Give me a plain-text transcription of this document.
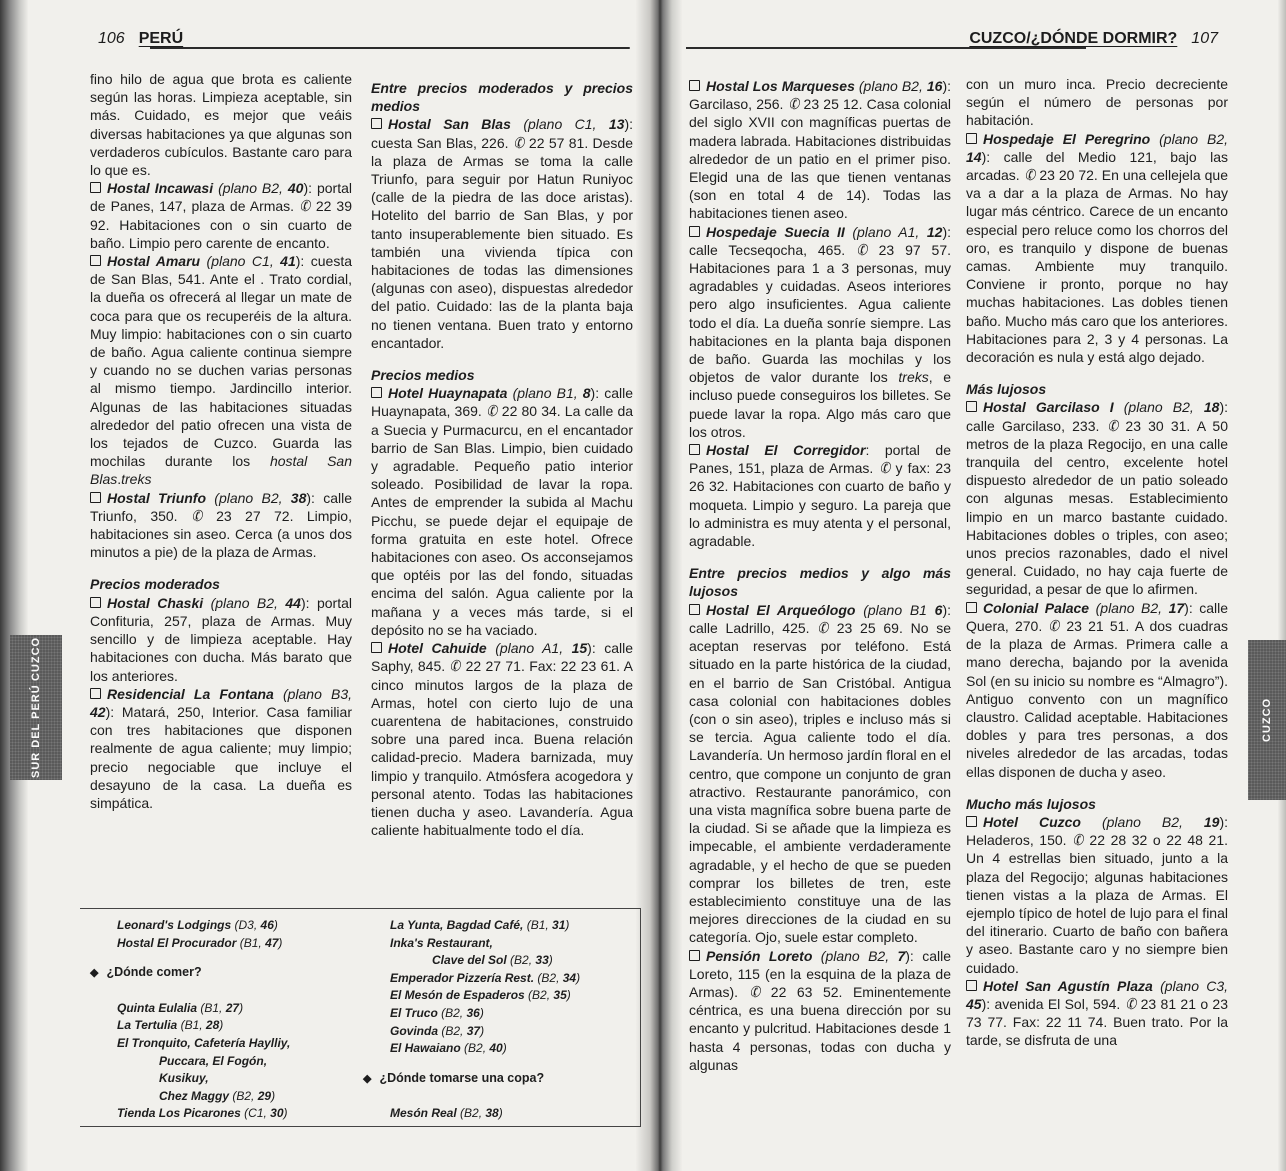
106 PERÚ	CUZCO/¿DÓNDE DORMIR? 107
SUR DEL PERÚ
CUZCO
CUZCO

fino hilo de agua que brota es caliente según las horas. Limpieza aceptable, sin más. Cuidado, es mejor que veáis diversas habitaciones ya que algunas son verdaderos cubículos. Bastante caro para lo que es.

Hostal Incawasi (plano B2, 40): portal de Panes, 147, plaza de Armas. ✆ 22 39 92. Habitaciones con o sin cuarto de baño. Limpio pero carente de encanto.

Hostal Amaru (plano C1, 41): cuesta de San Blas, 541. Ante el . Trato cordial, la dueña os ofrecerá al llegar un mate de coca para que os recuperéis de la altura. Muy limpio: habitaciones con o sin cuarto de baño. Agua caliente continua siempre y cuando no se duchen varias personas al mismo tiempo. Jardincillo interior. Algunas de las habitaciones situadas alrededor del patio ofrecen una vista de los tejados de Cuzco. Guarda las mochilas durante los hostal San Blas.treks

Hostal Triunfo (plano B2, 38): calle Triunfo, 350. ✆ 23 27 72. Limpio, habitaciones sin aseo. Cerca (a unos dos minutos a pie) de la plaza de Armas.

Precios moderados

Hostal Chaski (plano B2, 44): portal Confituria, 257, plaza de Armas. Muy sencillo y de limpieza aceptable. Hay habitaciones con ducha. Más barato que los anteriores.

Residencial La Fontana (plano B3, 42): Matará, 250, Interior. Casa familiar con tres habitaciones que disponen realmente de agua caliente; muy limpio; precio negociable que incluye el desayuno de la casa. La dueña es simpática.

Entre precios moderados y precios medios

Hostal San Blas (plano C1, 13): cuesta San Blas, 226. ✆ 22 57 81. Desde la plaza de Armas se toma la calle Triunfo, para seguir por Hatun Runiyoc (calle de la piedra de las doce aristas). Hotelito del barrio de San Blas, y por tanto insuperablemente bien situado. Es también una vivienda típica con habitaciones de todas las dimensiones (algunas con aseo), dispuestas alrededor del patio. Cuidado: las de la planta baja no tienen ventana. Buen trato y entorno encantador.

Precios medios

Hotel Huaynapata (plano B1, 8): calle Huaynapata, 369. ✆ 22 80 34. La calle da a Suecia y Purmacurcu, en el encantador barrio de San Blas. Limpio, bien cuidado y agradable. Pequeño patio interior soleado. Posibilidad de lavar la ropa. Antes de emprender la subida al Machu Picchu, se puede dejar el equipaje de forma gratuita en este hotel. Ofrece habitaciones con aseo. Os acconsejamos que optéis por las del fondo, situadas encima del salón. Agua caliente por la mañana y a veces más tarde, si el depósito no se ha vaciado.

Hotel Cahuide (plano A1, 15): calle Saphy, 845. ✆ 22 27 71. Fax: 22 23 61. A cinco minutos largos de la plaza de Armas, hotel con cierto lujo de una cuarentena de habitaciones, construido sobre una pared inca. Buena relación calidad-precio. Madera barnizada, muy limpio y tranquilo. Atmósfera acogedora y personal atento. Todas las habitaciones tienen ducha y aseo. Lavandería. Agua caliente habitualmente todo el día.

Hostal Los Marqueses (plano B2, 16): Garcilaso, 256. ✆ 23 25 12. Casa colonial del siglo XVII con magníficas puertas de madera labrada. Habitaciones distribuidas alrededor de un patio en el primer piso. Elegid una de las que tienen ventanas (son en total 4 de 14). Todas las habitaciones tienen aseo.

Hospedaje Suecia II (plano A1, 12): calle Tecseqocha, 465. ✆ 23 97 57. Habitaciones para 1 a 3 personas, muy agradables y cuidadas. Aseos interiores pero algo insuficientes. Agua caliente todo el día. La dueña sonríe siempre. Las habitaciones en la planta baja disponen de baño. Guarda las mochilas y los objetos de valor durante los treks, e incluso puede conseguiros los billetes. Se puede lavar la ropa. Algo más caro que los otros.

Hostal El Corregidor: portal de Panes, 151, plaza de Armas. ✆ y fax: 23 26 32. Habitaciones con cuarto de baño y moqueta. Limpio y seguro. La pareja que lo administra es muy atenta y el personal, agradable.

Entre precios medios y algo más lujosos

Hostal El Arqueólogo (plano B1 6): calle Ladrillo, 425. ✆ 23 25 69. No se aceptan reservas por teléfono. Está situado en la parte histórica de la ciudad, en el barrio de San Cristóbal. Antigua casa colonial con habitaciones dobles (con o sin aseo), triples e incluso más si se tercia. Agua caliente todo el día. Lavandería. Un hermoso jardín floral en el centro, que compone un conjunto de gran atractivo. Restaurante panorámico, con una vista magnífica sobre buena parte de la ciudad. Si se añade que la limpieza es impecable, el ambiente verdaderamente agradable, y el hecho de que se pueden comprar los billetes de tren, este establecimiento constituye una de las mejores direcciones de la ciudad en su categoría. Ojo, suele estar completo.

Pensión Loreto (plano B2, 7): calle Loreto, 115 (en la esquina de la plaza de Armas). ✆ 22 63 52. Eminentemente céntrica, es una buena dirección por su encanto y pulcritud. Habitaciones desde 1 hasta 4 personas, todas con ducha y algunas

con un muro inca. Precio decreciente según el número de personas por habitación.

Hospedaje El Peregrino (plano B2, 14): calle del Medio 121, bajo las arcadas. ✆ 23 20 72. En una cellejela que va a dar a la plaza de Armas. No hay lugar más céntrico. Carece de un encanto especial pero reluce como los chorros del oro, es tranquilo y dispone de buenas camas. Ambiente muy tranquilo. Conviene ir pronto, porque no hay muchas habitaciones. Las dobles tienen baño. Mucho más caro que los anteriores. Habitaciones para 2, 3 y 4 personas. La decoración es nula y está algo dejado.

Más lujosos

Hostal Garcilaso I (plano B2, 18): calle Garcilaso, 233. ✆ 23 30 31. A 50 metros de la plaza Regocijo, en una calle tranquila del centro, excelente hotel dispuesto alrededor de un patio soleado con algunas mesas. Establecimiento limpio en un marco bastante cuidado. Habitaciones dobles o triples, con aseo; unos precios razonables, dado el nivel general. Cuidado, no hay caja fuerte de seguridad, a pesar de que lo afirmen.

Colonial Palace (plano B2, 17): calle Quera, 270. ✆ 23 21 51. A dos cuadras de la plaza de Armas. Primera calle a mano derecha, bajando por la avenida Sol (en su inicio su nombre es “Almagro”). Antiguo convento con un magnífico claustro. Calidad aceptable. Habitaciones dobles y para tres personas, a dos niveles alrededor de las arcadas, todas ellas disponen de ducha y aseo.

Mucho más lujosos

Hotel Cuzco (plano B2, 19): Heladeros, 150. ✆ 22 28 32 o 22 48 21. Un 4 estrellas bien situado, junto a la plaza del Regocijo; algunas habitaciones tienen vistas a la plaza de Armas. El ejemplo típico de hotel de lujo para el final del itinerario. Cuarto de baño con bañera y aseo. Bastante caro y no siempre bien cuidado.

Hotel San Agustín Plaza (plano C3, 45): avenida El Sol, 594. ✆ 23 81 21 o 23 73 77. Fax: 22 11 74. Buen trato. Por la tarde, se disfruta de una

Leonard's Lodgings (D3, 46)
Hostal El Procurador (B1, 47)
◆ ¿Dónde comer?
Quinta Eulalia (B1, 27)
La Tertulia (B1, 28)
El Tronquito, Cafetería Haylliy,
Puccara, El Fogón,
Kusikuy,
Chez Maggy (B2, 29)
Tienda Los Picarones (C1, 30)
La Yunta, Bagdad Café, (B1, 31)
Inka's Restaurant,
Clave del Sol (B2, 33)
Emperador Pizzería Rest. (B2, 34)
El Mesón de Espaderos (B2, 35)
El Truco (B2, 36)
Govinda (B2, 37)
El Hawaiano (B2, 40)
◆ ¿Dónde tomarse una copa?
Mesón Real (B2, 38)
